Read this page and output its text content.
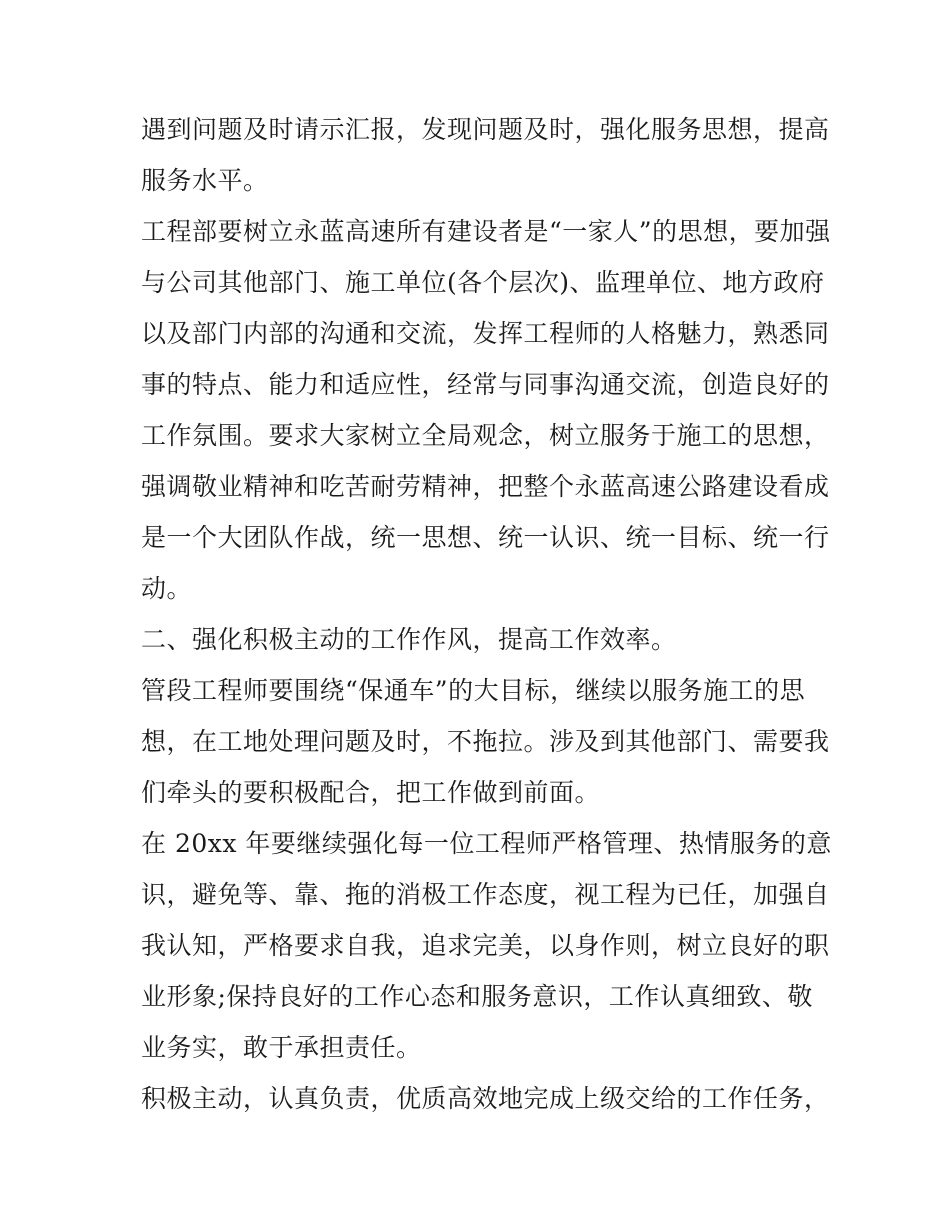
遇到问题及时请示汇报，发现问题及时，强化服务思想，提高
服务水平。
工程部要树立永蓝高速所有建设者是“一家人”的思想，要加强
与公司其他部门、施工单位(各个层次)、监理单位、地方政府
以及部门内部的沟通和交流，发挥工程师的人格魅力，熟悉同
事的特点、能力和适应性，经常与同事沟通交流，创造良好的
工作氛围。要求大家树立全局观念，树立服务于施工的思想，
强调敬业精神和吃苦耐劳精神，把整个永蓝高速公路建设看成
是一个大团队作战，统一思想、统一认识、统一目标、统一行
动。
二、强化积极主动的工作作风，提高工作效率。
管段工程师要围绕“保通车”的大目标，继续以服务施工的思
想，在工地处理问题及时，不拖拉。涉及到其他部门、需要我
们牵头的要积极配合，把工作做到前面。
在 20xx 年要继续强化每一位工程师严格管理、热情服务的意
识，避免等、靠、拖的消极工作态度，视工程为已任，加强自
我认知，严格要求自我，追求完美，以身作则，树立良好的职
业形象;保持良好的工作心态和服务意识，工作认真细致、敬
业务实，敢于承担责任。
积极主动，认真负责，优质高效地完成上级交给的工作任务，
